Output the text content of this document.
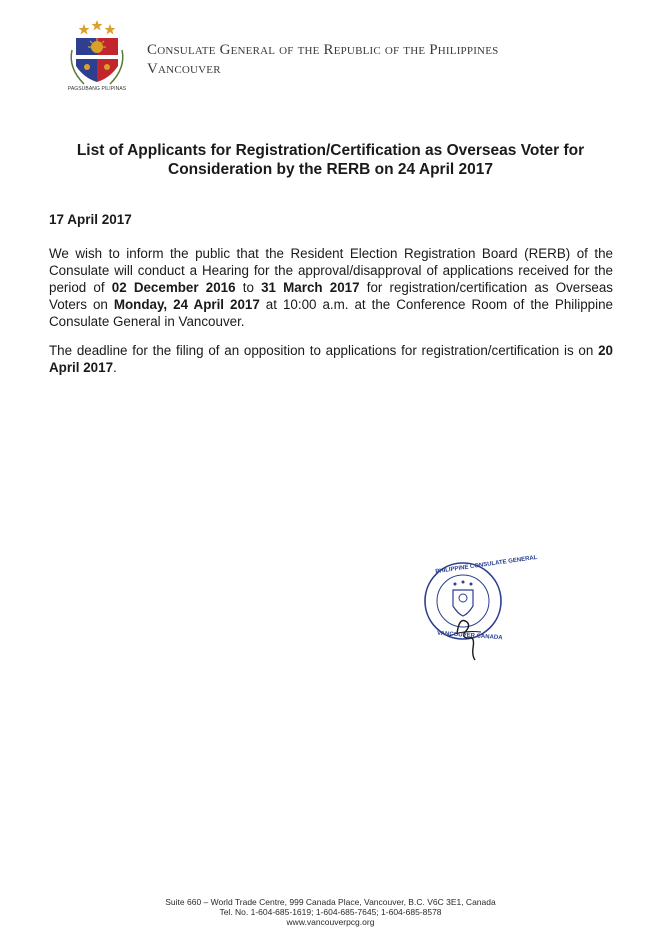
PAGSUBANG PILIPINAS
Consulate General of the Republic of the Philippines
Vancouver
List of Applicants for Registration/Certification as Overseas Voter for
Consideration by the RERB on 24 April 2017
17 April 2017
We wish to inform the public that the Resident Election Registration Board (RERB) of the Consulate will conduct a Hearing for the approval/disapproval of applications received for the period of 02 December 2016 to 31 March 2017 for registration/certification as Overseas Voters on Monday, 24 April 2017 at 10:00 a.m. at the Conference Room of the Philippine Consulate General in Vancouver.
The deadline for the filing of an opposition to applications for registration/certification is on 20 April 2017.
PHILIPPINE CONSULATE GENERAL
VANCOUVER CANADA
Suite 660 – World Trade Centre, 999 Canada Place, Vancouver, B.C. V6C 3E1, Canada
Tel. No. 1-604-685-1619; 1-604-685-7645; 1-604-685-8578
www.vancouverpcg.org
